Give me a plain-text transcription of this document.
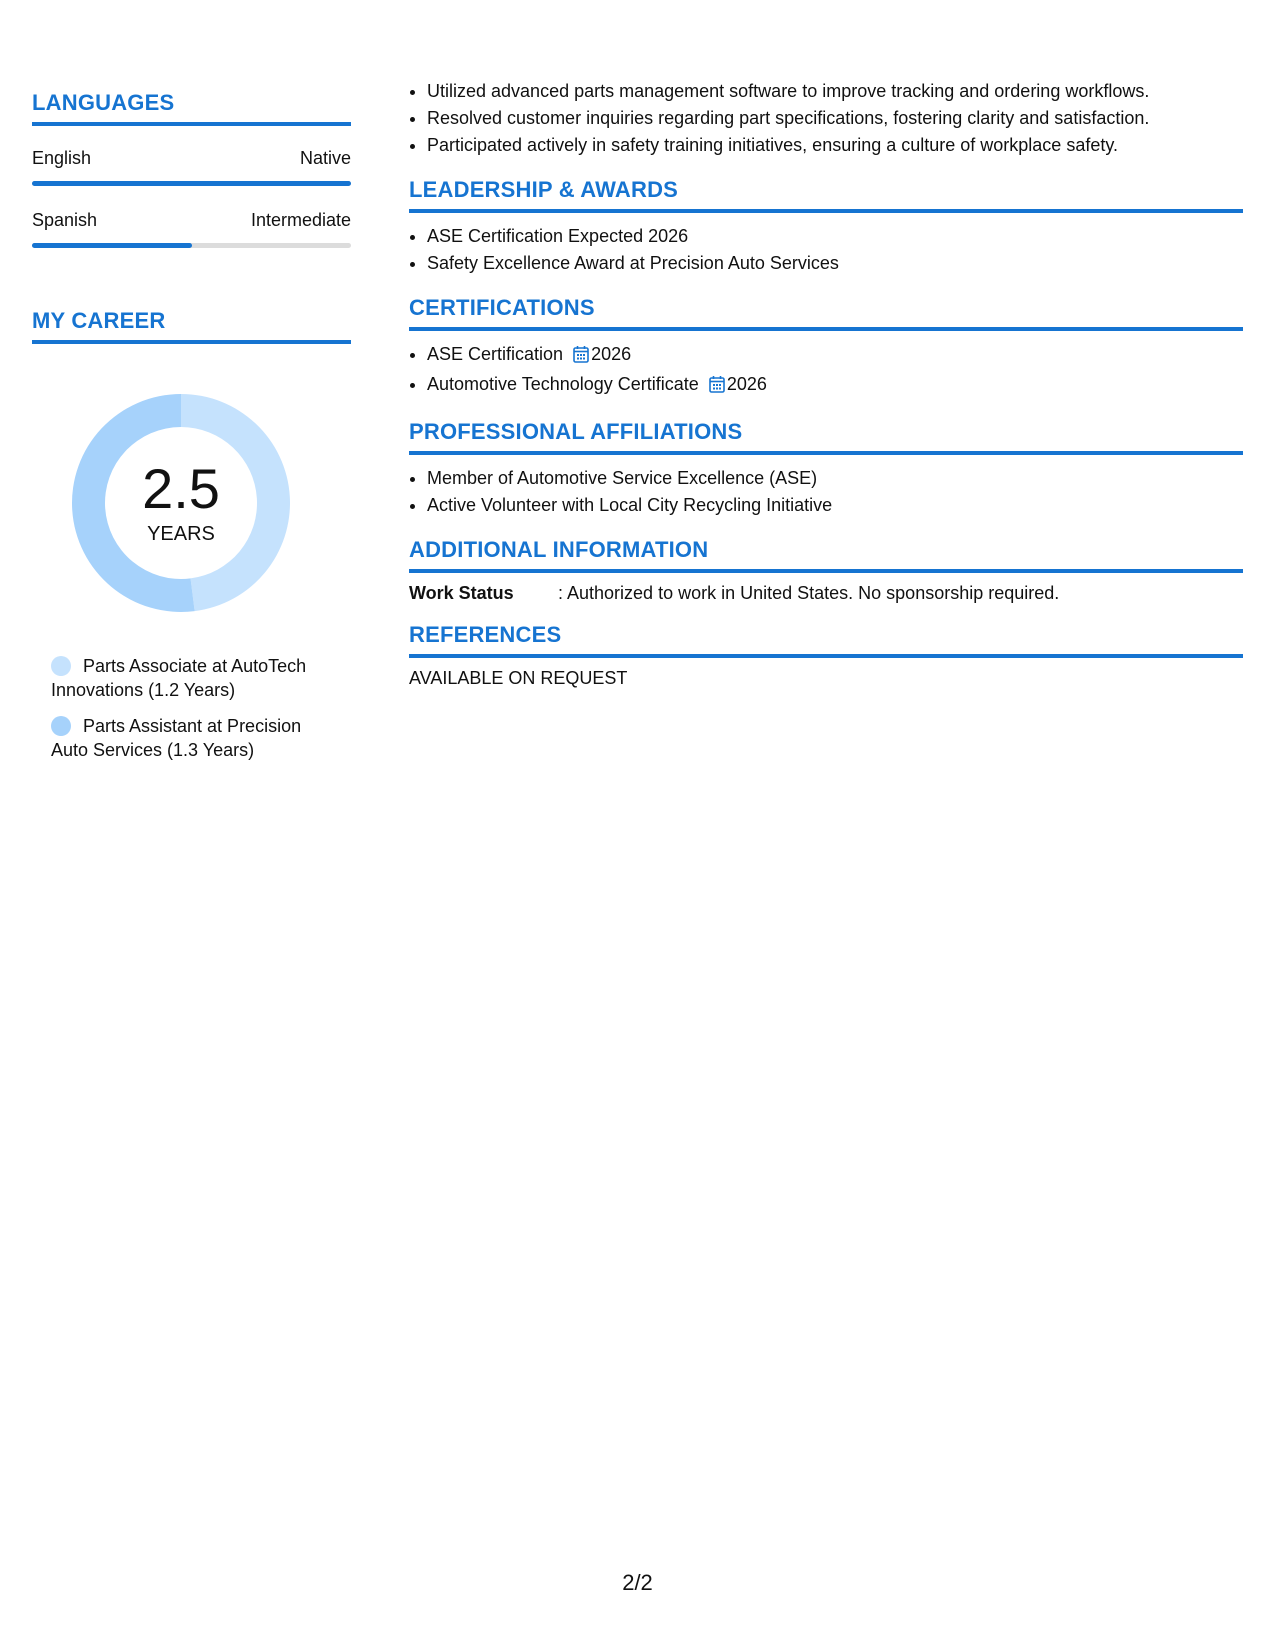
LANGUAGES
English	Native
Spanish	Intermediate
MY CAREER
2.5
YEARS
Parts Associate at AutoTech Innovations (1.2 Years)
Parts Assistant at Precision Auto Services (1.3 Years)
• Utilized advanced parts management software to improve tracking and ordering workflows.
• Resolved customer inquiries regarding part specifications, fostering clarity and satisfaction.
• Participated actively in safety training initiatives, ensuring a culture of workplace safety.
LEADERSHIP & AWARDS
• ASE Certification Expected 2026
• Safety Excellence Award at Precision Auto Services
CERTIFICATIONS
• ASE Certification 2026
• Automotive Technology Certificate 2026
PROFESSIONAL AFFILIATIONS
• Member of Automotive Service Excellence (ASE)
• Active Volunteer with Local City Recycling Initiative
ADDITIONAL INFORMATION
Work Status	: Authorized to work in United States. No sponsorship required.
REFERENCES
AVAILABLE ON REQUEST
2/2
